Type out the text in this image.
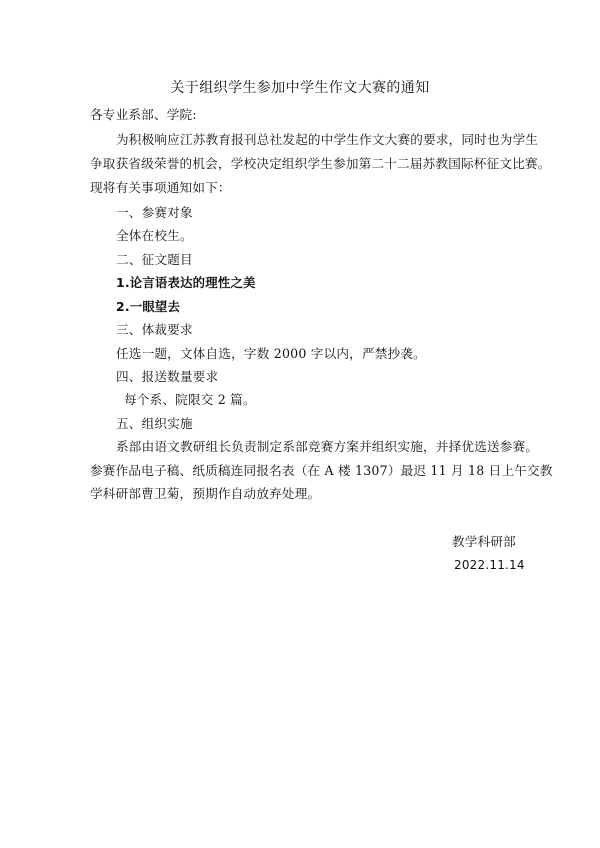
关于组织学生参加中学生作文大赛的通知
各专业系部、学院:
为积极响应江苏教育报刊总社发起的中学生作文大赛的要求，同时也为学生
争取获省级荣誉的机会，学校决定组织学生参加第二十二届苏教国际杯征文比赛。
现将有关事项通知如下：
一、参赛对象
全体在校生。
二、征文题目
1.论言语表达的理性之美
2.一眼望去
三、体裁要求
任选一题，文体自选，字数 2000 字以内，严禁抄袭。
四、报送数量要求
每个系、院限交 2 篇。
五、组织实施
系部由语文教研组长负责制定系部竞赛方案并组织实施，并择优选送参赛。
参赛作品电子稿、纸质稿连同报名表（在 A 楼 1307）最迟 11 月 18 日上午交教
学科研部曹卫菊，预期作自动放弃处理。
教学科研部
2022.11.14
